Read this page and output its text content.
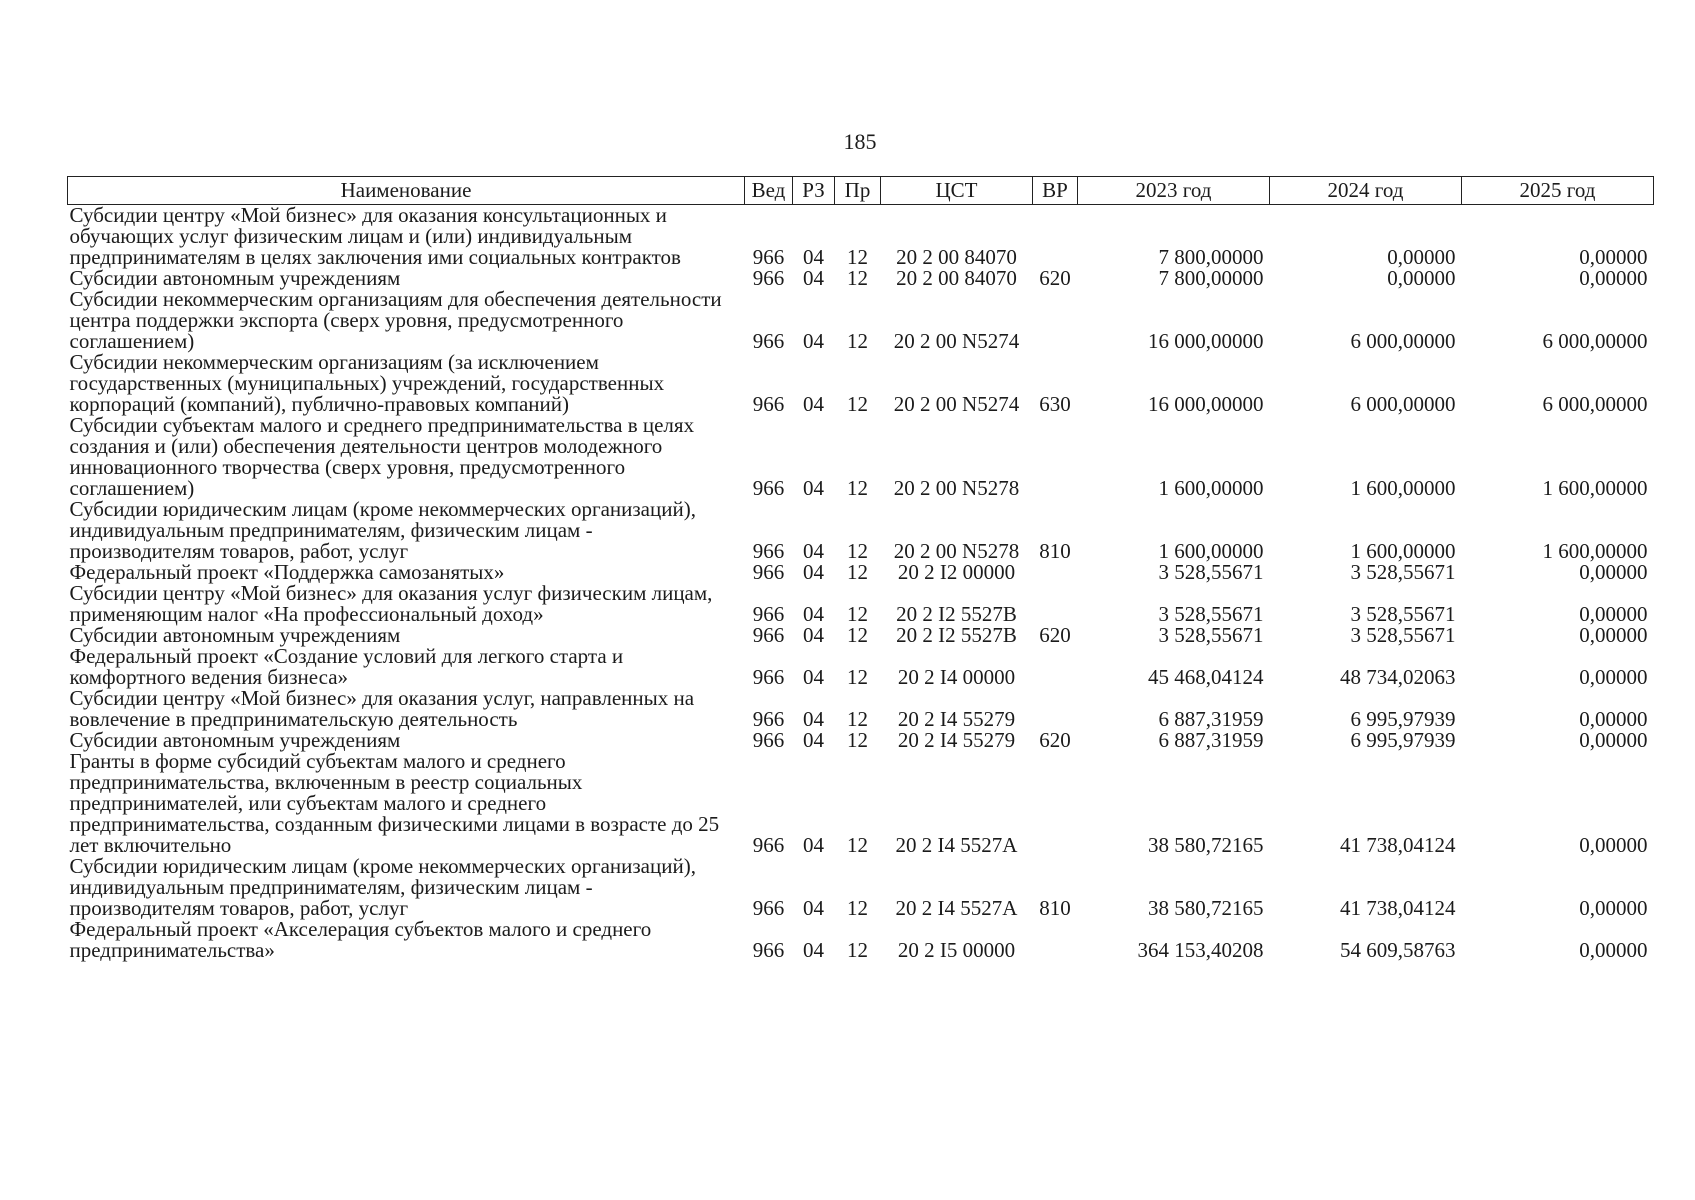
185
Наименование	Вед	РЗ	Пр	ЦСТ	ВР	2023 год	2024 год	2025 год
Субсидии центру «Мой бизнес» для оказания консультационных и обучающих услуг физическим лицам и (или) индивидуальным предпринимателям в целях заключения ими социальных контрактов	966	04	12	20 2 00 84070		7 800,00000	0,00000	0,00000
Субсидии автономным учреждениям	966	04	12	20 2 00 84070	620	7 800,00000	0,00000	0,00000
Субсидии некоммерческим организациям для обеспечения деятельности центра поддержки экспорта (сверх уровня, предусмотренного соглашением)	966	04	12	20 2 00 N5274		16 000,00000	6 000,00000	6 000,00000
Субсидии некоммерческим организациям (за исключением государственных (муниципальных) учреждений, государственных корпораций (компаний), публично-правовых компаний)	966	04	12	20 2 00 N5274	630	16 000,00000	6 000,00000	6 000,00000
Субсидии субъектам малого и среднего предпринимательства в целях создания и (или) обеспечения деятельности центров молодежного инновационного творчества (сверх уровня, предусмотренного соглашением)	966	04	12	20 2 00 N5278		1 600,00000	1 600,00000	1 600,00000
Субсидии юридическим лицам (кроме некоммерческих организаций), индивидуальным предпринимателям, физическим лицам - производителям товаров, работ, услуг	966	04	12	20 2 00 N5278	810	1 600,00000	1 600,00000	1 600,00000
Федеральный проект «Поддержка самозанятых»	966	04	12	20 2 I2 00000		3 528,55671	3 528,55671	0,00000
Субсидии центру «Мой бизнес» для оказания услуг физическим лицам, применяющим налог «На профессиональный доход»	966	04	12	20 2 I2 5527B		3 528,55671	3 528,55671	0,00000
Субсидии автономным учреждениям	966	04	12	20 2 I2 5527B	620	3 528,55671	3 528,55671	0,00000
Федеральный проект «Создание условий для легкого старта и комфортного ведения бизнеса»	966	04	12	20 2 I4 00000		45 468,04124	48 734,02063	0,00000
Субсидии центру «Мой бизнес» для оказания услуг, направленных на вовлечение в предпринимательскую деятельность	966	04	12	20 2 I4 55279		6 887,31959	6 995,97939	0,00000
Субсидии автономным учреждениям	966	04	12	20 2 I4 55279	620	6 887,31959	6 995,97939	0,00000
Гранты в форме субсидий субъектам малого и среднего предпринимательства, включенным в реестр социальных предпринимателей, или субъектам малого и среднего предпринимательства, созданным физическими лицами в возрасте до 25 лет включительно	966	04	12	20 2 I4 5527A		38 580,72165	41 738,04124	0,00000
Субсидии юридическим лицам (кроме некоммерческих организаций), индивидуальным предпринимателям, физическим лицам - производителям товаров, работ, услуг	966	04	12	20 2 I4 5527A	810	38 580,72165	41 738,04124	0,00000
Федеральный проект «Акселерация субъектов малого и среднего предпринимательства»	966	04	12	20 2 I5 00000		364 153,40208	54 609,58763	0,00000
